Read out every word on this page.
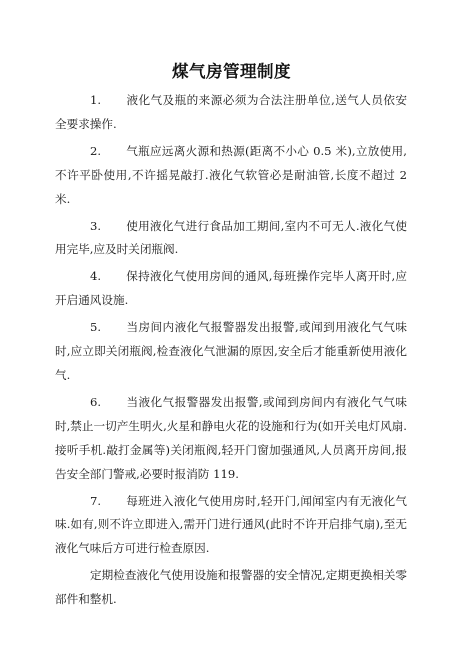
煤气房管理制度

1. 液化气及瓶的来源必须为合法注册单位,送气人员依安全要求操作.

2. 气瓶应远离火源和热源(距离不小心 0.5 米),立放使用,不许平卧使用,不许摇晃敲打.液化气软管必是耐油管,长度不超过 2 米.

3. 使用液化气进行食品加工期间,室内不可无人.液化气使用完毕,应及时关闭瓶阀.

4. 保持液化气使用房间的通风,每班操作完毕人离开时,应开启通风设施.

5. 当房间内液化气报警器发出报警,或闻到用液化气气味时,应立即关闭瓶阀,检查液化气泄漏的原因,安全后才能重新使用液化气.

6. 当液化气报警器发出报警,或闻到房间内有液化气气味时,禁止一切产生明火,火星和静电火花的设施和行为(如开关电灯风扇.接听手机.敲打金属等)关闭瓶阀,轻开门窗加强通风,人员离开房间,报告安全部门警戒,必要时报消防 119.

7. 每班进入液化气使用房时,轻开门,闻闻室内有无液化气味.如有,则不许立即进入,需开门进行通风(此时不许开启排气扇),至无液化气味后方可进行检查原因.

定期检查液化气使用设施和报警器的安全情况,定期更换相关零部件和整机.
